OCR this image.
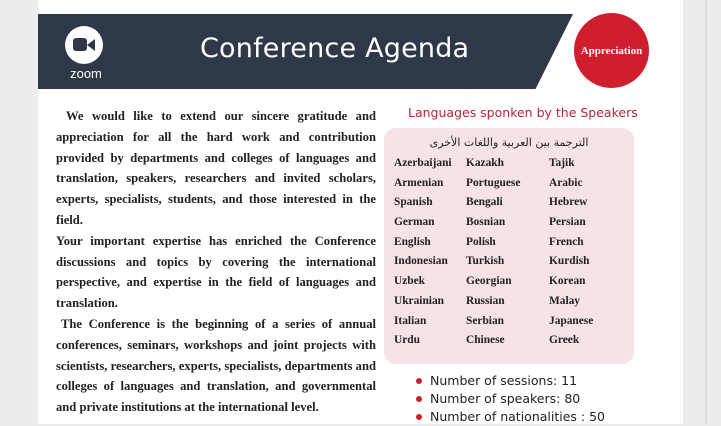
zoom
Conference Agenda	Appreciation

We would like to extend our sincere gratitude and appreciation for all the hard work and contribution provided by departments and colleges of languages and translation, speakers, researchers and invited scholars, experts, specialists, students, and those interested in the field.

Your important expertise has enriched the Conference discussions and topics by covering the international perspective, and expertise in the field of languages and translation.

The Conference is the beginning of a series of annual conferences, seminars, workshops and joint projects with scientists, researchers, experts, specialists, departments and colleges of languages and translation, and governmental and private institutions at the international level.

Languages sponken by the Speakers
الترجمة بين العربية واللغات الأخرى
Azerbaijani	Kazakh	Tajik
Armenian	Portuguese	Arabic
Spanish	Bengali	Hebrew
German	Bosnian	Persian
English	Polish	French
Indonesian	Turkish	Kurdish
Uzbek	Georgian	Korean
Ukrainian	Russian	Malay
Italian	Serbian	Japanese
Urdu	Chinese	Greek
Number of sessions: 11
Number of speakers: 80
Number of nationalities : 50
